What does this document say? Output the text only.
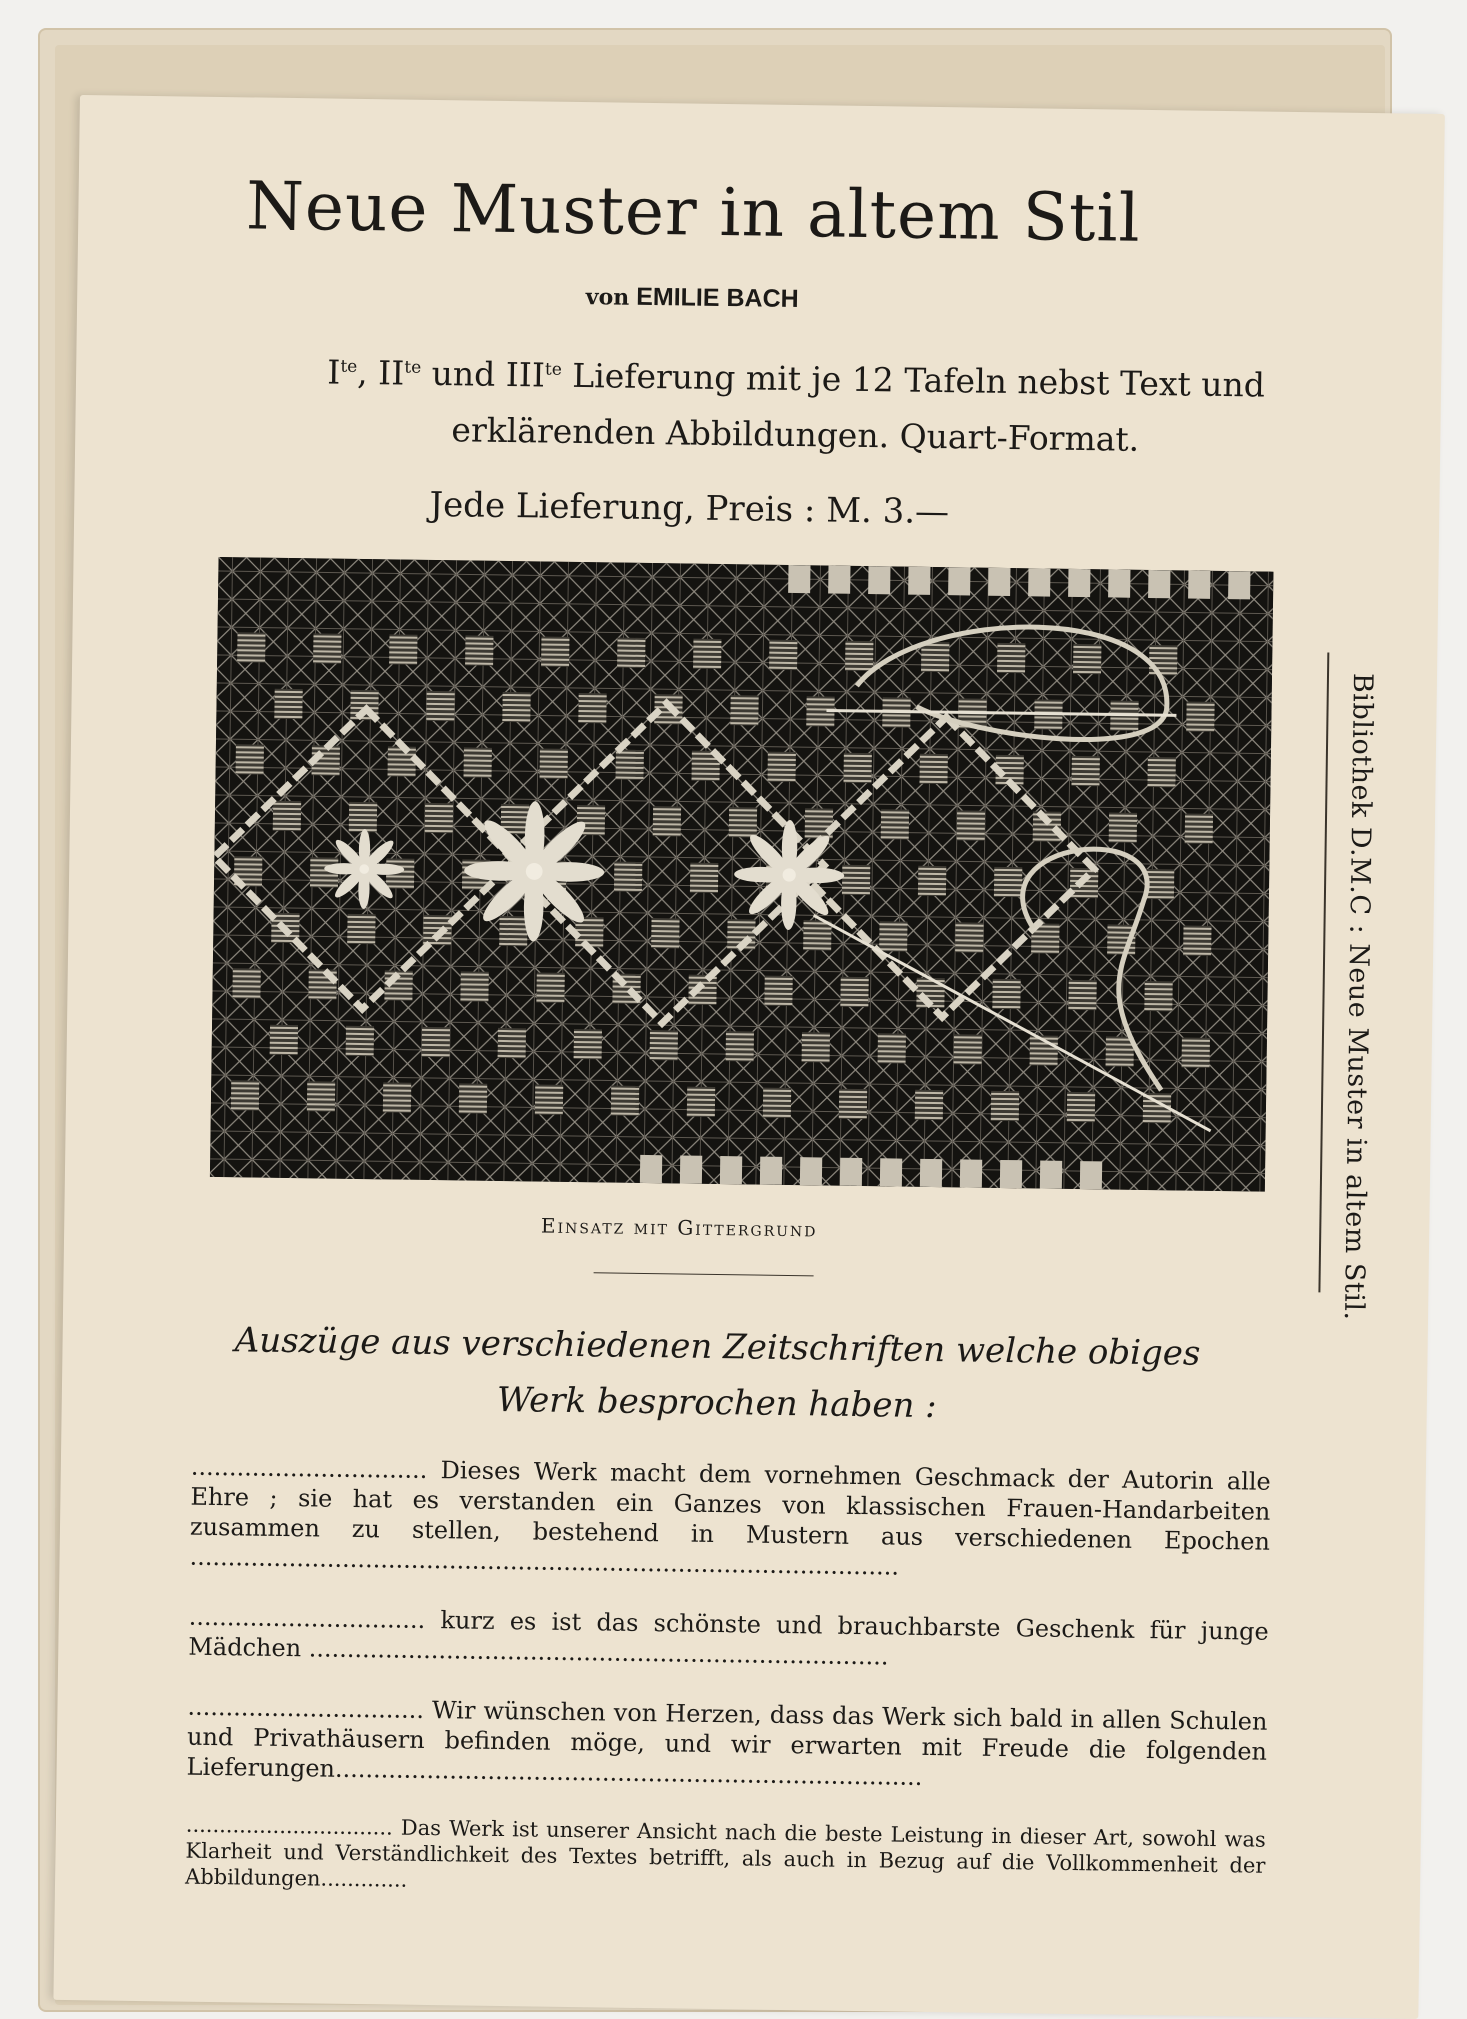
Neue Muster in altem Stil
von EMILIE BACH
$I^{te}$, $II^{te}$ und $III^{te}$ Lieferung mit je 12 Tafeln nebst Text und erklärenden Abbildungen. Quart-Format.
Jede Lieferung, Preis : M. 3.—
Einsatz mit Gittergrund
Auszüge aus verschiedenen Zeitschriften welche obiges Werk besprochen haben :
............................... Dieses Werk macht dem vornehmen Geschmack der Autorin alle Ehre ; sie hat es verstanden ein Ganzes von klassischen Frauen-Handarbeiten zusammen zu stellen, bestehend in Mustern aus verschiedenen Epochen .............................................................................................
............................... kurz es ist das schönste und brauchbarste Geschenk für junge Mädchen ............................................................................
............................... Wir wünschen von Herzen, dass das Werk sich bald in allen Schulen und Privathäusern befinden möge, und wir erwarten mit Freude die folgenden Lieferungen.............................................................................
............................... Das Werk ist unserer Ansicht nach die beste Leistung in dieser Art, sowohl was Klarheit und Verständlichkeit des Textes betrifft, als auch in Bezug auf die Vollkommenheit der Abbildungen.............
Bibliothek D.M.C : Neue Muster in altem Stil.
